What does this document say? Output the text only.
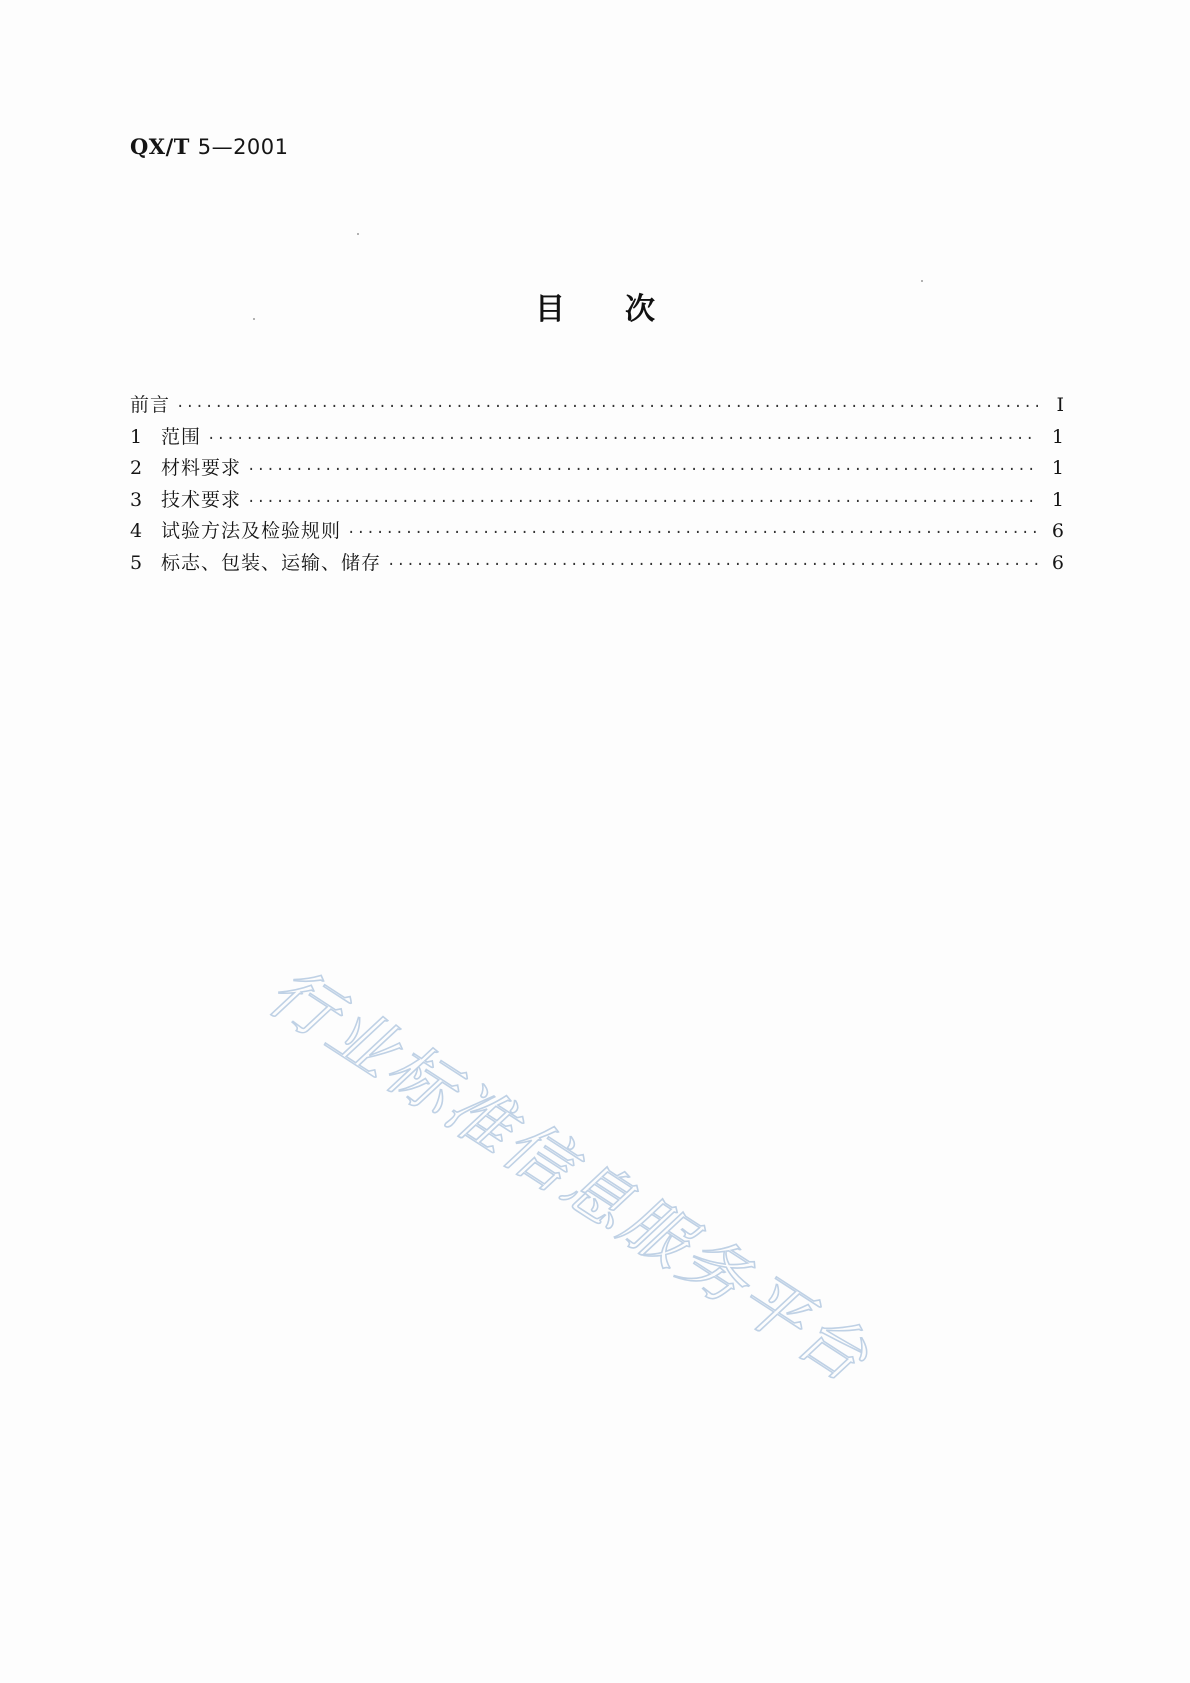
QX/T 5—2001
目次
前言 ·····	I
1 范围 ·····	1
2 材料要求 ·····	1
3 技术要求 ·····	1
4 试验方法及检验规则 ·····	6
5 标志、包装、运输、储存 ·····	6
行业标准信息服务平台
